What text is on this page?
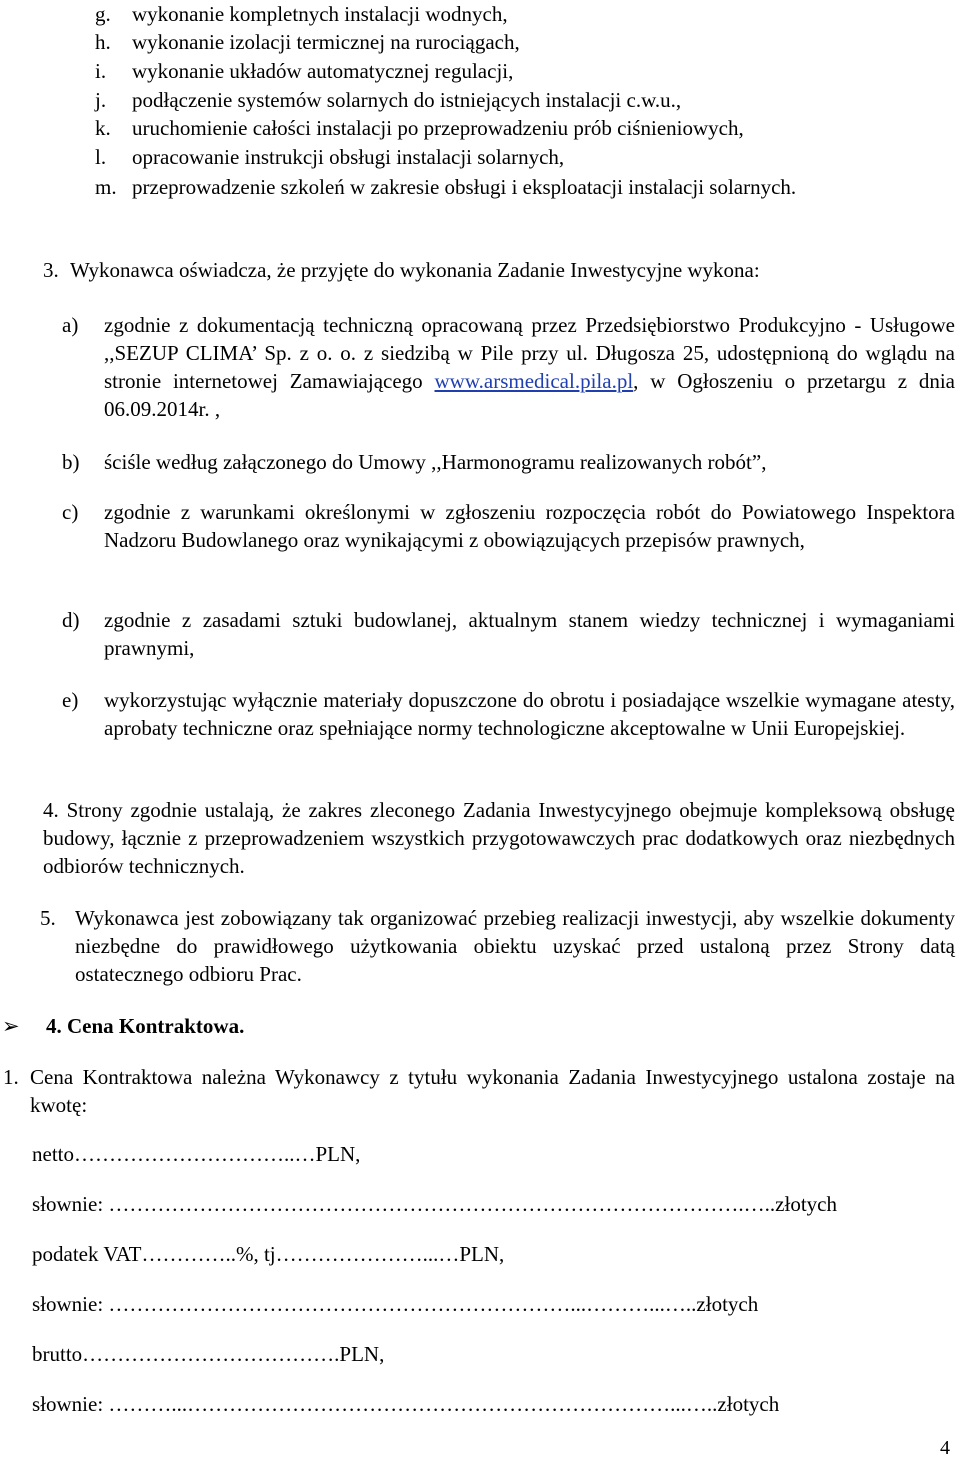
g. wykonanie kompletnych instalacji wodnych,
h. wykonanie izolacji termicznej na rurociągach,
i. wykonanie układów automatycznej regulacji,
j. podłączenie systemów solarnych do istniejących instalacji c.w.u.,
k. uruchomienie całości instalacji po przeprowadzeniu prób ciśnieniowych,
l. opracowanie instrukcji obsługi instalacji solarnych,
m. przeprowadzenie szkoleń w zakresie obsługi i eksploatacji instalacji solarnych.
3. Wykonawca oświadcza, że przyjęte do wykonania Zadanie Inwestycyjne wykona:
a) zgodnie z dokumentacją techniczną opracowaną przez Przedsiębiorstwo Produkcyjno - Usługowe ,,SEZUP CLIMA’ Sp. z o. o. z siedzibą w Pile przy ul. Długosza 25, udostępnioną do wglądu na stronie internetowej Zamawiającego www.arsmedical.pila.pl, w Ogłoszeniu o przetargu z dnia 06.09.2014r. ,
b) ściśle według załączonego do Umowy ,,Harmonogramu realizowanych robót”,
c) zgodnie z warunkami określonymi w zgłoszeniu rozpoczęcia robót do Powiatowego Inspektora Nadzoru Budowlanego oraz wynikającymi z obowiązujących przepisów prawnych,
d) zgodnie z zasadami sztuki budowlanej, aktualnym stanem wiedzy technicznej i wymaganiami prawnymi,
e) wykorzystując wyłącznie materiały dopuszczone do obrotu i posiadające wszelkie wymagane atesty, aprobaty techniczne oraz spełniające normy technologiczne akceptowalne w Unii Europejskiej.
4. Strony zgodnie ustalają, że zakres zleconego Zadania Inwestycyjnego obejmuje kompleksową obsługę budowy, łącznie z przeprowadzeniem wszystkich przygotowawczych prac dodatkowych oraz niezbędnych odbiorów technicznych.
5. Wykonawca jest zobowiązany tak organizować przebieg realizacji inwestycji, aby wszelkie dokumenty niezbędne do prawidłowego użytkowania obiektu uzyskać przed ustaloną przez Strony datą ostatecznego odbioru Prac.
➢ 4. Cena Kontraktowa.
1. Cena Kontraktowa należna Wykonawcy z tytułu wykonania Zadania Inwestycyjnego ustalona zostaje na kwotę:
netto…………………………..…PLN,
słownie: ……………………………………………………………………………….…..złotych
podatek VAT…………..%, tj…………………...…PLN,
słownie: …………………………………………………………...………...…..złotych
brutto……………………………….PLN,
słownie: ………...……………………………………………………………...…..złotych
4
